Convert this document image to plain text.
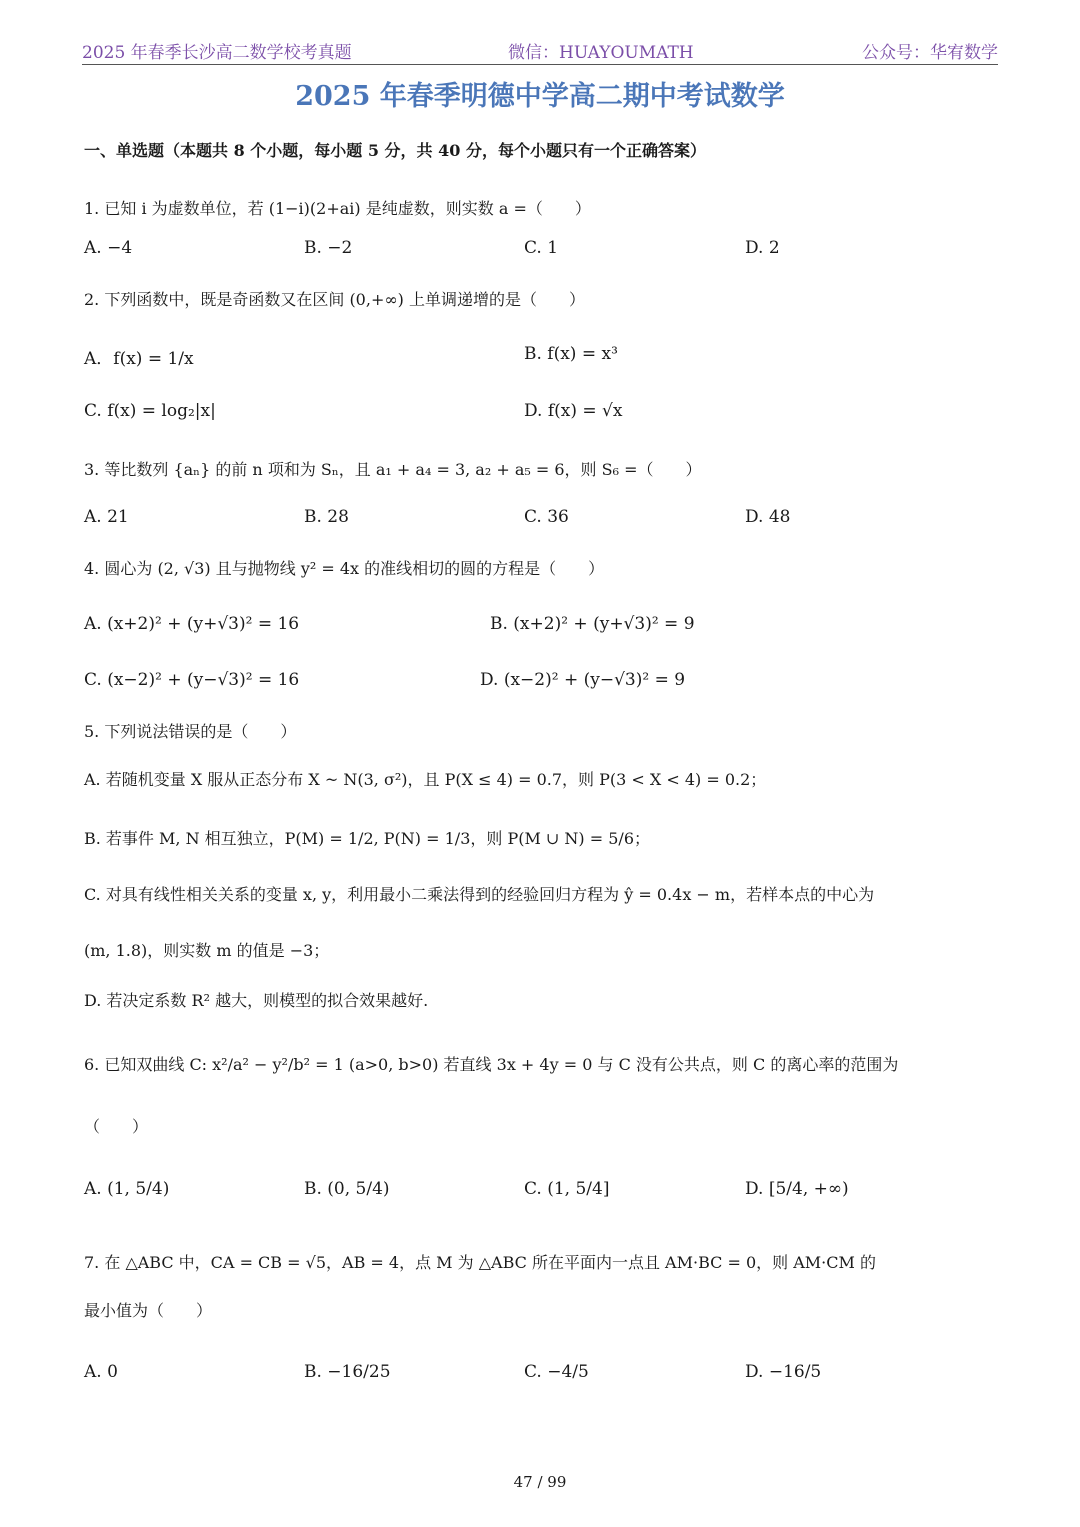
2025 年春季长沙高二数学校考真题	微信：HUAYOUMATH	公众号：华宥数学
2025 年春季明德中学高二期中考试数学
一、单选题（本题共 8 个小题，每小题 5 分，共 40 分，每个小题只有一个正确答案）
1. 已知 i 为虚数单位，若 (1−i)(2+ai) 是纯虚数，则实数 a =（　　）
A. −4	B. −2	C. 1	D. 2
2. 下列函数中，既是奇函数又在区间 (0,+∞) 上单调递增的是（　　）
A．f(x) = 1/x	B. f(x) = x³
C. f(x) = log₂|x|	D. f(x) = √x
3. 等比数列 {aₙ} 的前 n 项和为 Sₙ，且 a₁ + a₄ = 3, a₂ + a₅ = 6，则 S₆ =（　　）
A. 21	B. 28	C. 36	D. 48
4. 圆心为 (2, √3) 且与抛物线 y² = 4x 的准线相切的圆的方程是（　　）
A. (x+2)² + (y+√3)² = 16	B. (x+2)² + (y+√3)² = 9
C. (x−2)² + (y−√3)² = 16	D. (x−2)² + (y−√3)² = 9
5. 下列说法错误的是（　　）
A. 若随机变量 X 服从正态分布 X ~ N(3, σ²)，且 P(X ≤ 4) = 0.7，则 P(3 < X < 4) = 0.2；
B. 若事件 M, N 相互独立，P(M) = 1/2, P(N) = 1/3，则 P(M ∪ N) = 5/6；
C. 对具有线性相关关系的变量 x, y，利用最小二乘法得到的经验回归方程为 ŷ = 0.4x − m，若样本点的中心为
(m, 1.8)，则实数 m 的值是 −3；
D. 若决定系数 R² 越大，则模型的拟合效果越好.
6. 已知双曲线 C: x²/a² − y²/b² = 1 (a>0, b>0) 若直线 3x + 4y = 0 与 C 没有公共点，则 C 的离心率的范围为
（　　）
A. (1, 5/4)	B. (0, 5/4)	C. (1, 5/4]	D. [5/4, +∞)
7. 在 △ABC 中，CA = CB = √5，AB = 4，点 M 为 △ABC 所在平面内一点且 AM·BC = 0，则 AM·CM 的
最小值为（　　）
A. 0	B. −16/25	C. −4/5	D. −16/5
47 / 99
